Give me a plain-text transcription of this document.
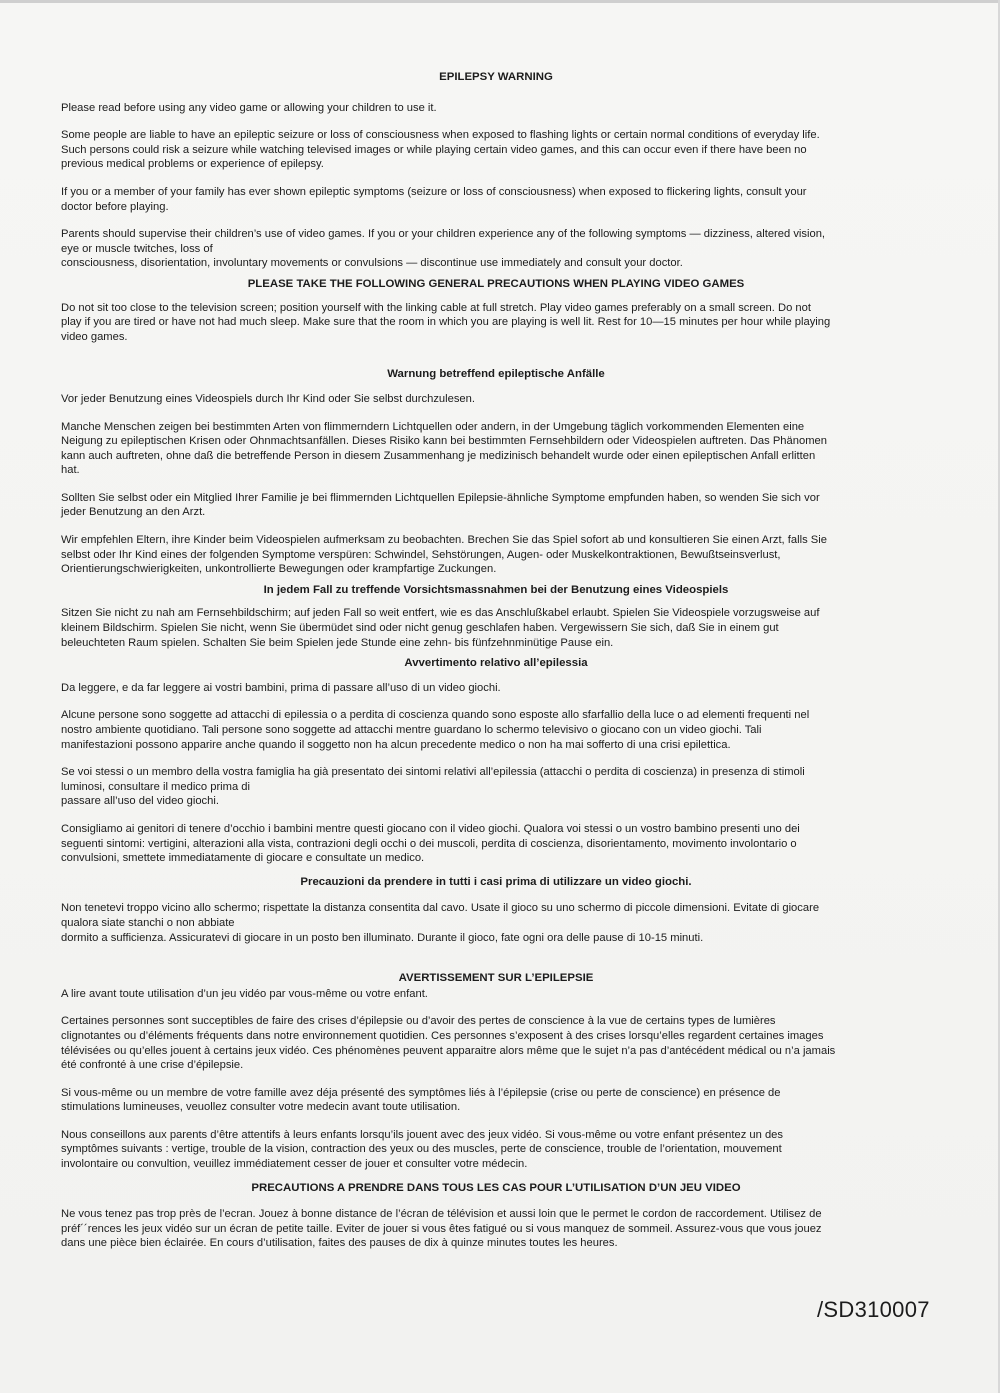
EPILEPSY WARNING

Please read before using any video game or allowing your children to use it.

Some people are liable to have an epileptic seizure or loss of consciousness when exposed to flashing lights or certain normal conditions of everyday life.
Such persons could risk a seizure while watching televised images or while playing certain video games, and this can occur even if there have been no
previous medical problems or experience of epilepsy.

If you or a member of your family has ever shown epileptic symptoms (seizure or loss of consciousness) when exposed to flickering lights, consult your
doctor before playing.

Parents should supervise their children’s use of video games. If you or your children experience any of the following symptoms — dizziness, altered vision,
eye or muscle twitches, loss of
consciousness, disorientation, involuntary movements or convulsions — discontinue use immediately and consult your doctor.

PLEASE TAKE THE FOLLOWING GENERAL PRECAUTIONS WHEN PLAYING VIDEO GAMES

Do not sit too close to the television screen; position yourself with the linking cable at full stretch. Play video games preferably on a small screen. Do not
play if you are tired or have not had much sleep. Make sure that the room in which you are playing is well lit. Rest for 10—15 minutes per hour while playing
video games.

Warnung betreffend epileptische Anfälle

Vor jeder Benutzung eines Videospiels durch Ihr Kind oder Sie selbst durchzulesen.

Manche Menschen zeigen bei bestimmten Arten von flimmerndern Lichtquellen oder andern, in der Umgebung täglich vorkommenden Elementen eine
Neigung zu epileptischen Krisen oder Ohnmachtsanfällen. Dieses Risiko kann bei bestimmten Fernsehbildern oder Videospielen auftreten. Das Phänomen
kann auch auftreten, ohne daß die betreffende Person in diesem Zusammenhang je medizinisch behandelt wurde oder einen epileptischen Anfall erlitten
hat.

Sollten Sie selbst oder ein Mitglied Ihrer Familie je bei flimmernden Lichtquellen Epilepsie-ähnliche Symptome empfunden haben, so wenden Sie sich vor
jeder Benutzung an den Arzt.

Wir empfehlen Eltern, ihre Kinder beim Videospielen aufmerksam zu beobachten. Brechen Sie das Spiel sofort ab und konsultieren Sie einen Arzt, falls Sie
selbst oder Ihr Kind eines der folgenden Symptome verspüren: Schwindel, Sehstörungen, Augen- oder Muskelkontraktionen, Bewußtseinsverlust,
Orientierungschwierigkeiten, unkontrollierte Bewegungen oder krampfartige Zuckungen.

In jedem Fall zu treffende Vorsichtsmassnahmen bei der Benutzung eines Videospiels

Sitzen Sie nicht zu nah am Fernsehbildschirm; auf jeden Fall so weit entfert, wie es das Anschlußkabel erlaubt. Spielen Sie Videospiele vorzugsweise auf
kleinem Bildschirm. Spielen Sie nicht, wenn Sie übermüdet sind oder nicht genug geschlafen haben. Vergewissern Sie sich, daß Sie in einem gut
beleuchteten Raum spielen. Schalten Sie beim Spielen jede Stunde eine zehn- bis fünfzehnminütige Pause ein.

Avvertimento relativo all’epilessia

Da leggere, e da far leggere ai vostri bambini, prima di passare all’uso di un video giochi.

Alcune persone sono soggette ad attacchi di epilessia o a perdita di coscienza quando sono esposte allo sfarfallio della luce o ad elementi frequenti nel
nostro ambiente quotidiano. Tali persone sono soggette ad attacchi mentre guardano lo schermo televisivo o giocano con un video giochi. Tali
manifestazioni possono apparire anche quando il soggetto non ha alcun precedente medico o non ha mai sofferto di una crisi epilettica.

Se voi stessi o un membro della vostra famiglia ha già presentato dei sintomi relativi all’epilessia (attacchi o perdita di coscienza) in presenza di stimoli
luminosi, consultare il medico prima di
passare all’uso del video giochi.

Consigliamo ai genitori di tenere d’occhio i bambini mentre questi giocano con il video giochi. Qualora voi stessi o un vostro bambino presenti uno dei
seguenti sintomi: vertigini, alterazioni alla vista, contrazioni degli occhi o dei muscoli, perdita di coscienza, disorientamento, movimento involontario o
convulsioni, smettete immediatamente di giocare e consultate un medico.

Precauzioni da prendere in tutti i casi prima di utilizzare un video giochi.

Non tenetevi troppo vicino allo schermo; rispettate la distanza consentita dal cavo. Usate il gioco su uno schermo di piccole dimensioni. Evitate di giocare
qualora siate stanchi o non abbiate
dormito a sufficienza. Assicuratevi di giocare in un posto ben illuminato. Durante il gioco, fate ogni ora delle pause di 10-15 minuti.

AVERTISSEMENT SUR L’EPILEPSIE

A lire avant toute utilisation d’un jeu vidéo par vous-même ou votre enfant.

Certaines personnes sont succeptibles de faire des crises d’épilepsie ou d’avoir des pertes de conscience à la vue de certains types de lumières
clignotantes ou d’éléments fréquents dans notre environnement quotidien. Ces personnes s’exposent à des crises lorsqu’elles regardent certaines images
télévisées ou qu’elles jouent à certains jeux vidéo. Ces phénomènes peuvent apparaitre alors même que le sujet n’a pas d’antécédent médical ou n’a jamais
été confronté à une crise d’épilepsie.

Si vous-même ou un membre de votre famille avez déja présenté des symptômes liés à l’épilepsie (crise ou perte de conscience) en présence de
stimulations lumineuses, veuollez consulter votre medecin avant toute utilisation.

Nous conseillons aux parents d’être attentifs à leurs enfants lorsqu’ils jouent avec des jeux vidéo. Si vous-même ou votre enfant présentez un des
symptômes suivants : vertige, trouble de la vision, contraction des yeux ou des muscles, perte de conscience, trouble de l’orientation, mouvement
involontaire ou convultion, veuillez immédiatement cesser de jouer et consulter votre médecin.

PRECAUTIONS A PRENDRE DANS TOUS LES CAS POUR L’UTILISATION D’UN JEU VIDEO

Ne vous tenez pas trop près de l’ecran. Jouez à bonne distance de l’écran de télévision et aussi loin que le permet le cordon de raccordement. Utilisez de
préf´´rences les jeux vidéo sur un écran de petite taille. Eviter de jouer si vous êtes fatigué ou si vous manquez de sommeil. Assurez-vous que vous jouez
dans une pièce bien éclairée. En cours d’utilisation, faites des pauses de dix à quinze minutes toutes les heures.

/SD310007
